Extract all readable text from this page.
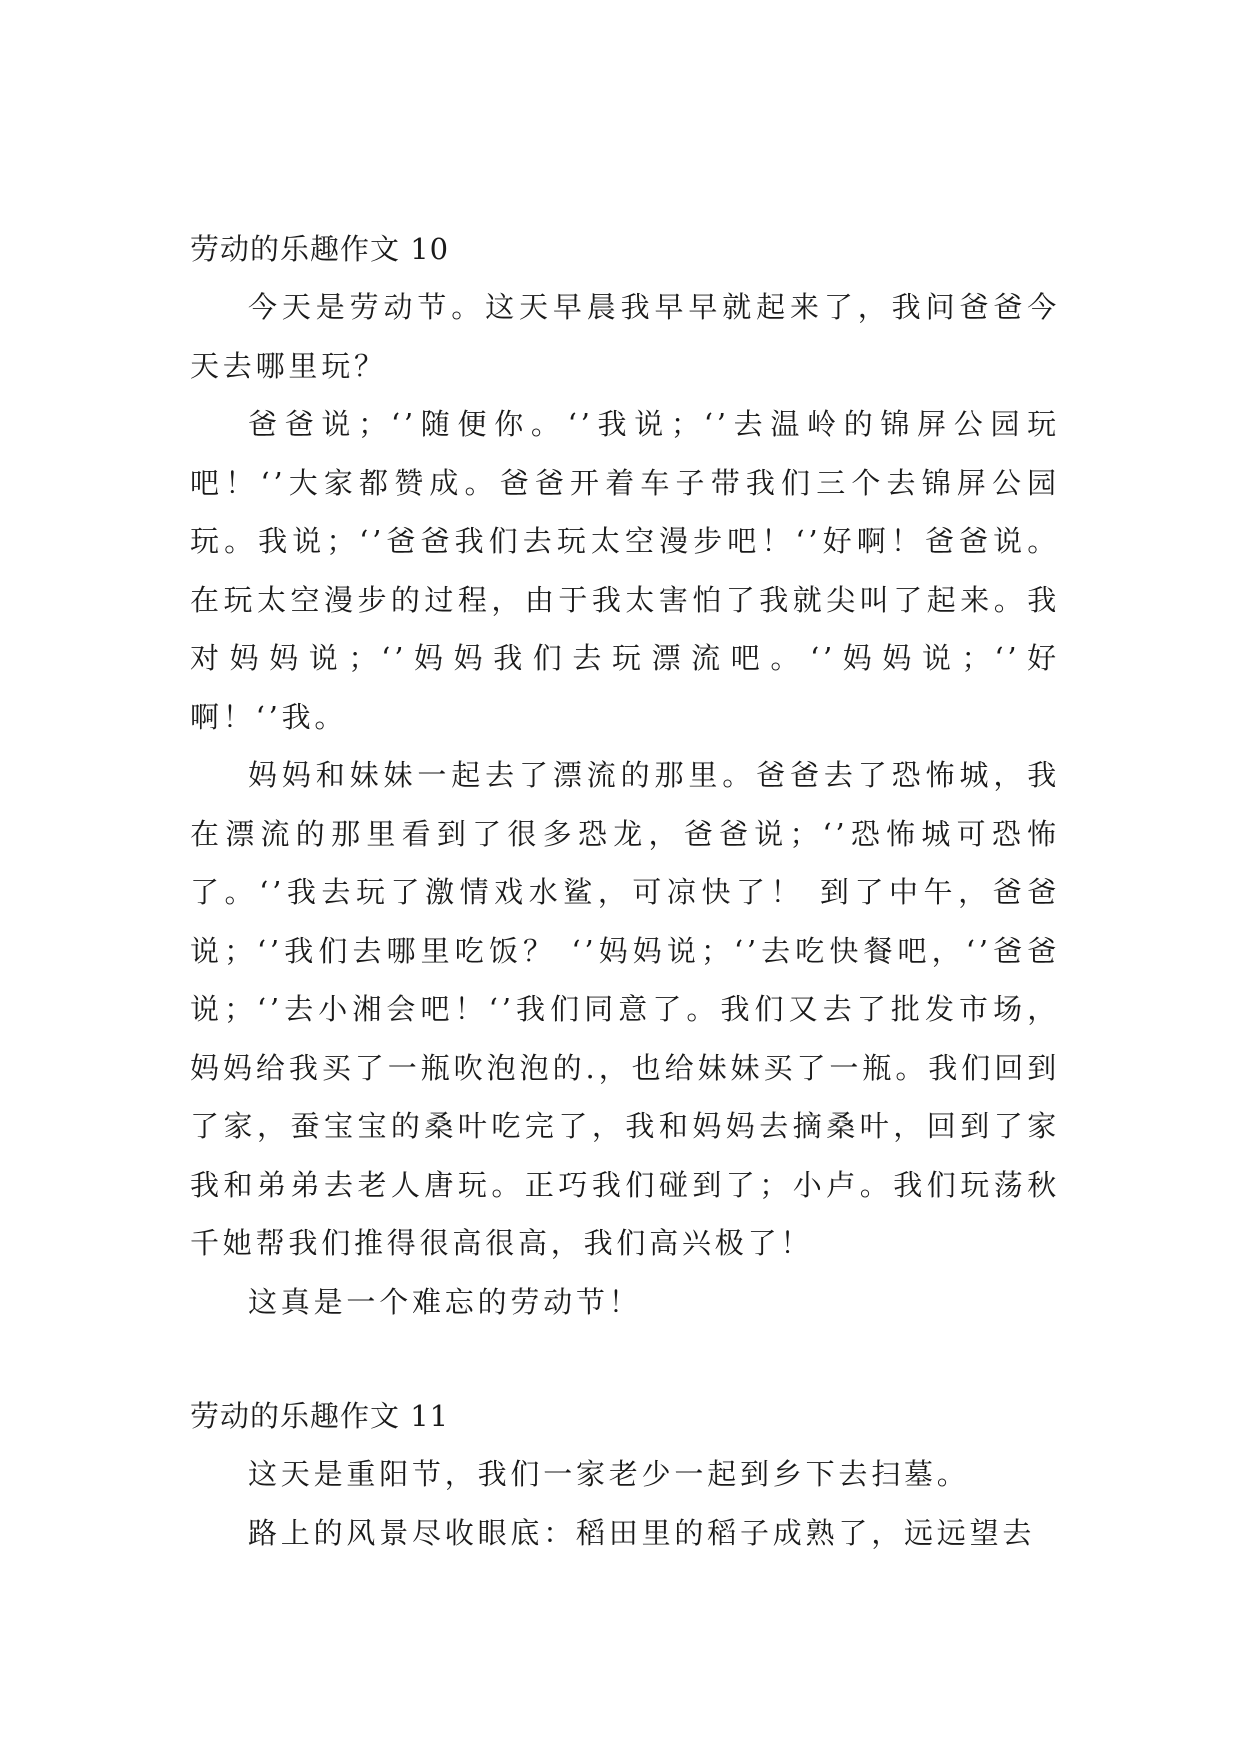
劳动的乐趣作文 10

今天是劳动节。这天早晨我早早就起来了，我问爸爸今天去哪里玩？

爸爸说；‘’随便你。‘’我说；‘’去温岭的锦屏公园玩吧！‘’大家都赞成。爸爸开着车子带我们三个去锦屏公园玩。我说；‘’爸爸我们去玩太空漫步吧！‘’好啊！爸爸说。在玩太空漫步的过程，由于我太害怕了我就尖叫了起来。我对妈妈说；‘’妈妈我们去玩漂流吧。‘’妈妈说；‘’好啊！‘’我。

妈妈和妹妹一起去了漂流的那里。爸爸去了恐怖城，我在漂流的那里看到了很多恐龙，爸爸说；‘’恐怖城可恐怖了。‘’我去玩了激情戏水鲨，可凉快了！ 到了中午，爸爸说；‘’我们去哪里吃饭？ ‘’妈妈说；‘’去吃快餐吧，‘’爸爸说；‘’去小湘会吧！‘’我们同意了。我们又去了批发市场，妈妈给我买了一瓶吹泡泡的.，也给妹妹买了一瓶。我们回到了家，蚕宝宝的桑叶吃完了，我和妈妈去摘桑叶，回到了家我和弟弟去老人唐玩。正巧我们碰到了；小卢。我们玩荡秋千她帮我们推得很高很高，我们高兴极了！

这真是一个难忘的劳动节！

劳动的乐趣作文 11

这天是重阳节，我们一家老少一起到乡下去扫墓。

路上的风景尽收眼底：稻田里的稻子成熟了，远远望去
